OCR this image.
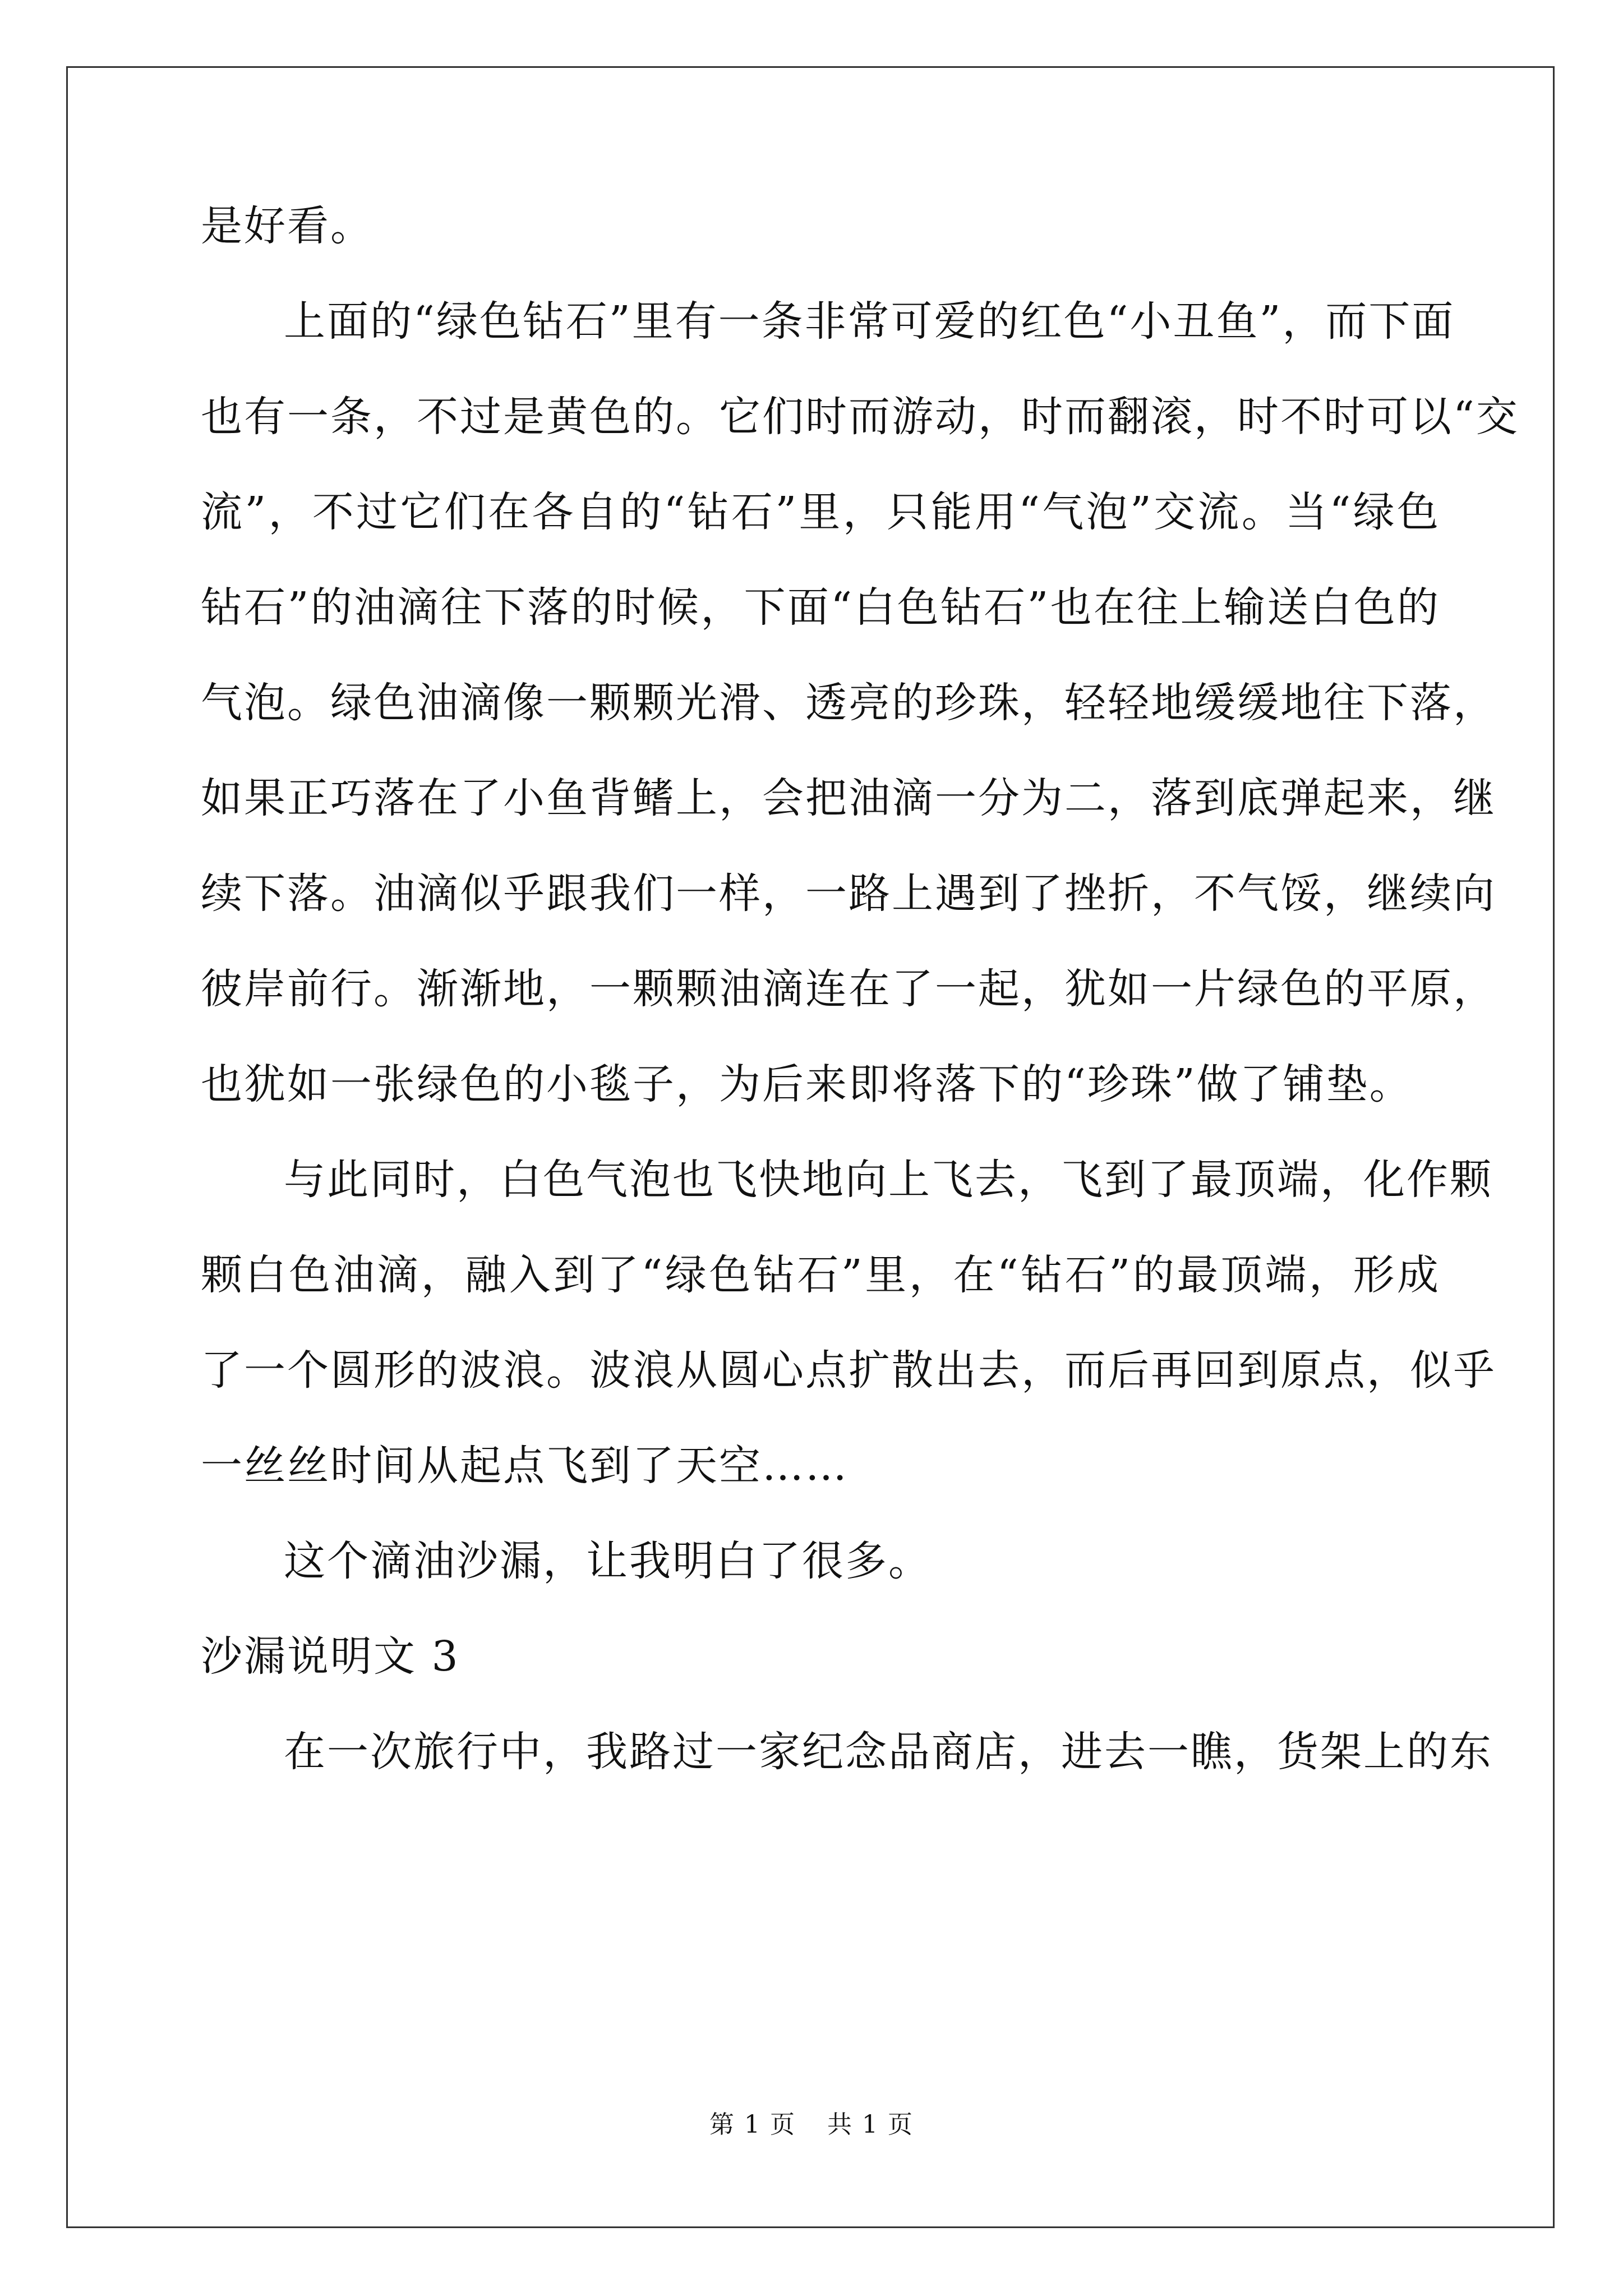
是好看。
上面的“绿色钻石”里有一条非常可爱的红色“小丑鱼”，而下面
也有一条，不过是黄色的。它们时而游动，时而翻滚，时不时可以“交
流”，不过它们在各自的“钻石”里，只能用“气泡”交流。当“绿色
钻石”的油滴往下落的时候，下面“白色钻石”也在往上输送白色的
气泡。绿色油滴像一颗颗光滑、透亮的珍珠，轻轻地缓缓地往下落，
如果正巧落在了小鱼背鳍上，会把油滴一分为二，落到底弹起来，继
续下落。油滴似乎跟我们一样，一路上遇到了挫折，不气馁，继续向
彼岸前行。渐渐地，一颗颗油滴连在了一起，犹如一片绿色的平原，
也犹如一张绿色的小毯子，为后来即将落下的“珍珠”做了铺垫。
与此同时，白色气泡也飞快地向上飞去，飞到了最顶端，化作颗
颗白色油滴，融入到了“绿色钻石”里，在“钻石”的最顶端，形成
了一个圆形的波浪。波浪从圆心点扩散出去，而后再回到原点，似乎
一丝丝时间从起点飞到了天空……
这个滴油沙漏，让我明白了很多。
沙漏说明文 3
在一次旅行中，我路过一家纪念品商店，进去一瞧，货架上的东
第 1 页 共 1 页
